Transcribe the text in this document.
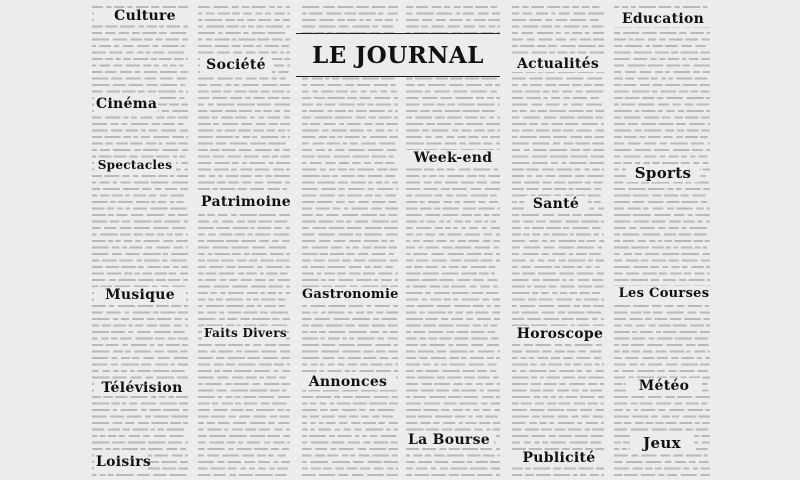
LE JOURNAL
Culture
Cinéma
Spectacles
Musique
Télévision
Loisirs
Société
Patrimoine
Faits Divers
Gastronomie
Annonces
Week-end
La Bourse
Actualités
Santé
Horoscope
Publicité
Education
Sports
Les Courses
Météo
Jeux
